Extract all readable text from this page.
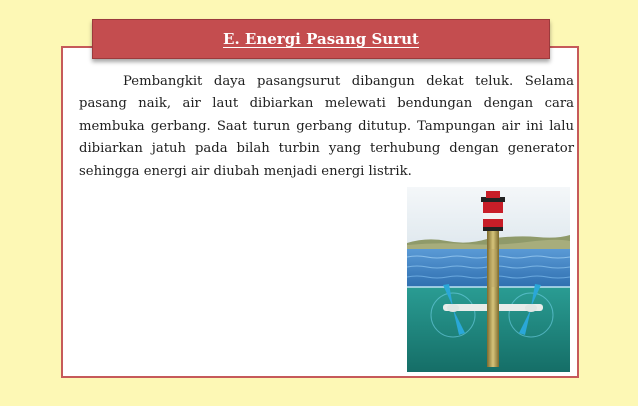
E. Energi Pasang Surut

Pembangkit daya pasangsurut dibangun dekat teluk. Selama pasang naik, air laut dibiarkan melewati bendungan dengan cara membuka gerbang. Saat turun gerbang ditutup. Tampungan air ini lalu dibiarkan jatuh pada bilah turbin yang terhubung dengan generator sehingga energi air diubah menjadi energi listrik.
